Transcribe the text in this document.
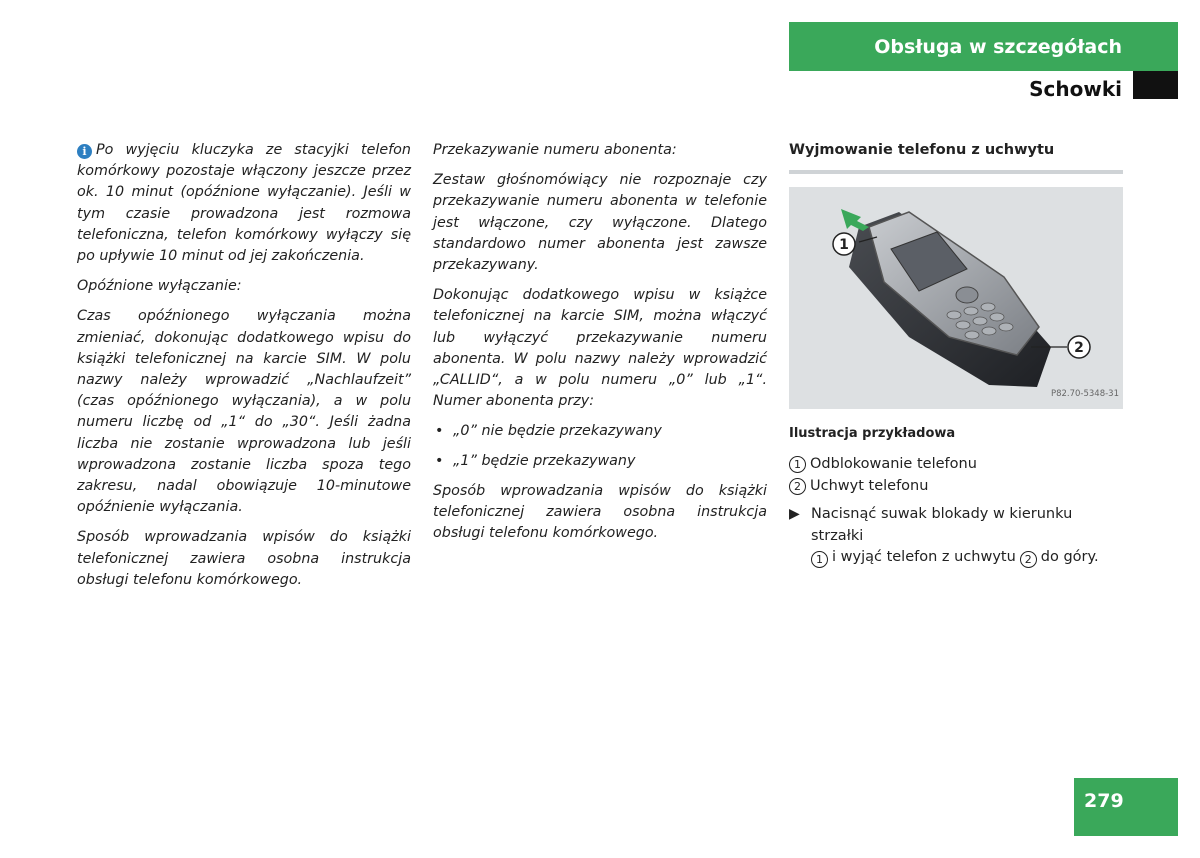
Obsługa w szczegółach
Schowki

i Po wyjęciu kluczyka ze stacyjki telefon komórkowy pozostaje włączony jeszcze przez ok. 10 minut (opóźnione wyłączanie). Jeśli w tym czasie prowadzona jest rozmowa telefoniczna, telefon komórkowy wyłączy się po upływie 10 minut od jej zakończenia.

Opóźnione wyłączanie:

Czas opóźnionego wyłączania można zmieniać, dokonując dodatkowego wpisu do książki telefonicznej na karcie SIM. W polu nazwy należy wprowadzić „Nachlaufzeit” (czas opóźnionego wyłączania), a w polu numeru liczbę od „1“ do „30“. Jeśli żadna liczba nie zostanie wprowadzona lub jeśli wprowadzona zostanie liczba spoza tego zakresu, nadal obowiązuje 10-minutowe opóźnienie wyłączania.

Sposób wprowadzania wpisów do książki telefonicznej zawiera osobna instrukcja obsługi telefonu komórkowego.

Przekazywanie numeru abonenta:

Zestaw głośnomówiący nie rozpoznaje czy przekazywanie numeru abonenta w telefonie jest włączone, czy wyłączone. Dlatego standardowo numer abonenta jest zawsze przekazywany.

Dokonując dodatkowego wpisu w książce telefonicznej na karcie SIM, można włączyć lub wyłączyć przekazywanie numeru abonenta. W polu nazwy należy wprowadzić „CALLID“, a w polu numeru „0” lub „1“. Numer abonenta przy:

• „0” nie będzie przekazywany
• „1” będzie przekazywany

Sposób wprowadzania wpisów do książki telefonicznej zawiera osobna instrukcja obsługi telefonu komórkowego.

Wyjmowanie telefonu z uchwytu
1
2
P82.70-5348-31
Ilustracja przykładowa
1 Odblokowanie telefonu
2 Uchwyt telefonu
▶ Nacisnąć suwak blokady w kierunku strzałki
1 i wyjąć telefon z uchwytu 2 do góry.
279
